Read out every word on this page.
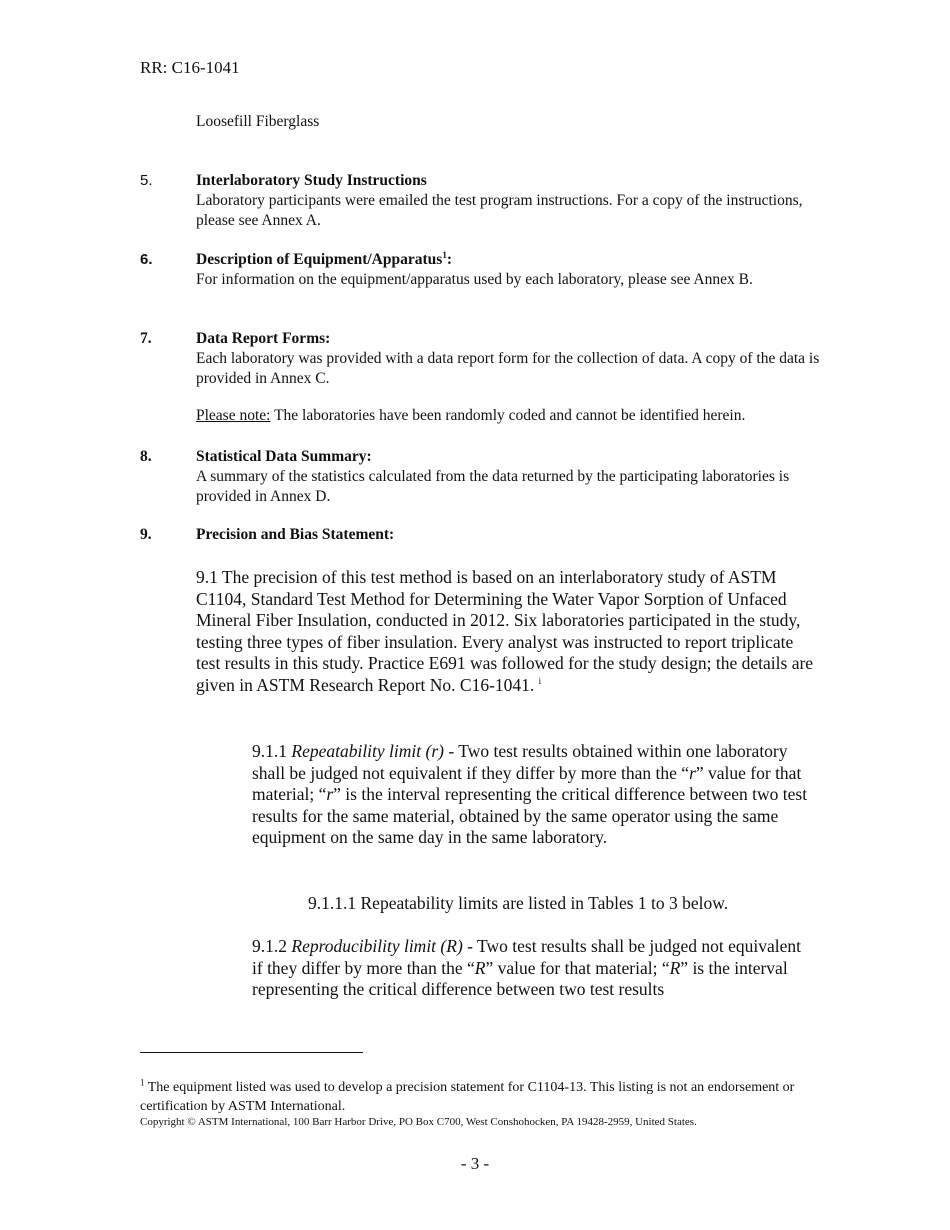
RR: C16-1041
Loosefill Fiberglass
5.	Interlaboratory Study Instructions

Laboratory participants were emailed the test program instructions. For a copy of the instructions, please see Annex A.

6.	Description of Equipment/Apparatus$^1$:

For information on the equipment/apparatus used by each laboratory, please see Annex B.

7.	Data Report Forms:

Each laboratory was provided with a data report form for the collection of data. A copy of the data is provided in Annex C.

Please note: The laboratories have been randomly coded and cannot be identified herein.
8.	Statistical Data Summary:

A summary of the statistics calculated from the data returned by the participating laboratories is provided in Annex D.

9.	Precision and Bias Statement:
9.1 The precision of this test method is based on an interlaboratory study of ASTM C1104, Standard Test Method for Determining the Water Vapor Sorption of Unfaced Mineral Fiber Insulation, conducted in 2012. Six laboratories participated in the study, testing three types of fiber insulation. Every analyst was instructed to report triplicate test results in this study. Practice E691 was followed for the study design; the details are given in ASTM Research Report No. C16-1041. $^i$
9.1.1 Repeatability limit (r) - Two test results obtained within one laboratory shall be judged not equivalent if they differ by more than the “r” value for that material; “r” is the interval representing the critical difference between two test results for the same material, obtained by the same operator using the same equipment on the same day in the same laboratory.
9.1.1.1 Repeatability limits are listed in Tables 1 to 3 below.
9.1.2 Reproducibility limit (R) - Two test results shall be judged not equivalent if they differ by more than the “R” value for that material; “R” is the interval representing the critical difference between two test results
$^1$ The equipment listed was used to develop a precision statement for C1104-13. This listing is not an endorsement or certification by ASTM International.
Copyright © ASTM International, 100 Barr Harbor Drive, PO Box C700, West Conshohocken, PA 19428-2959, United States.
- 3 -
